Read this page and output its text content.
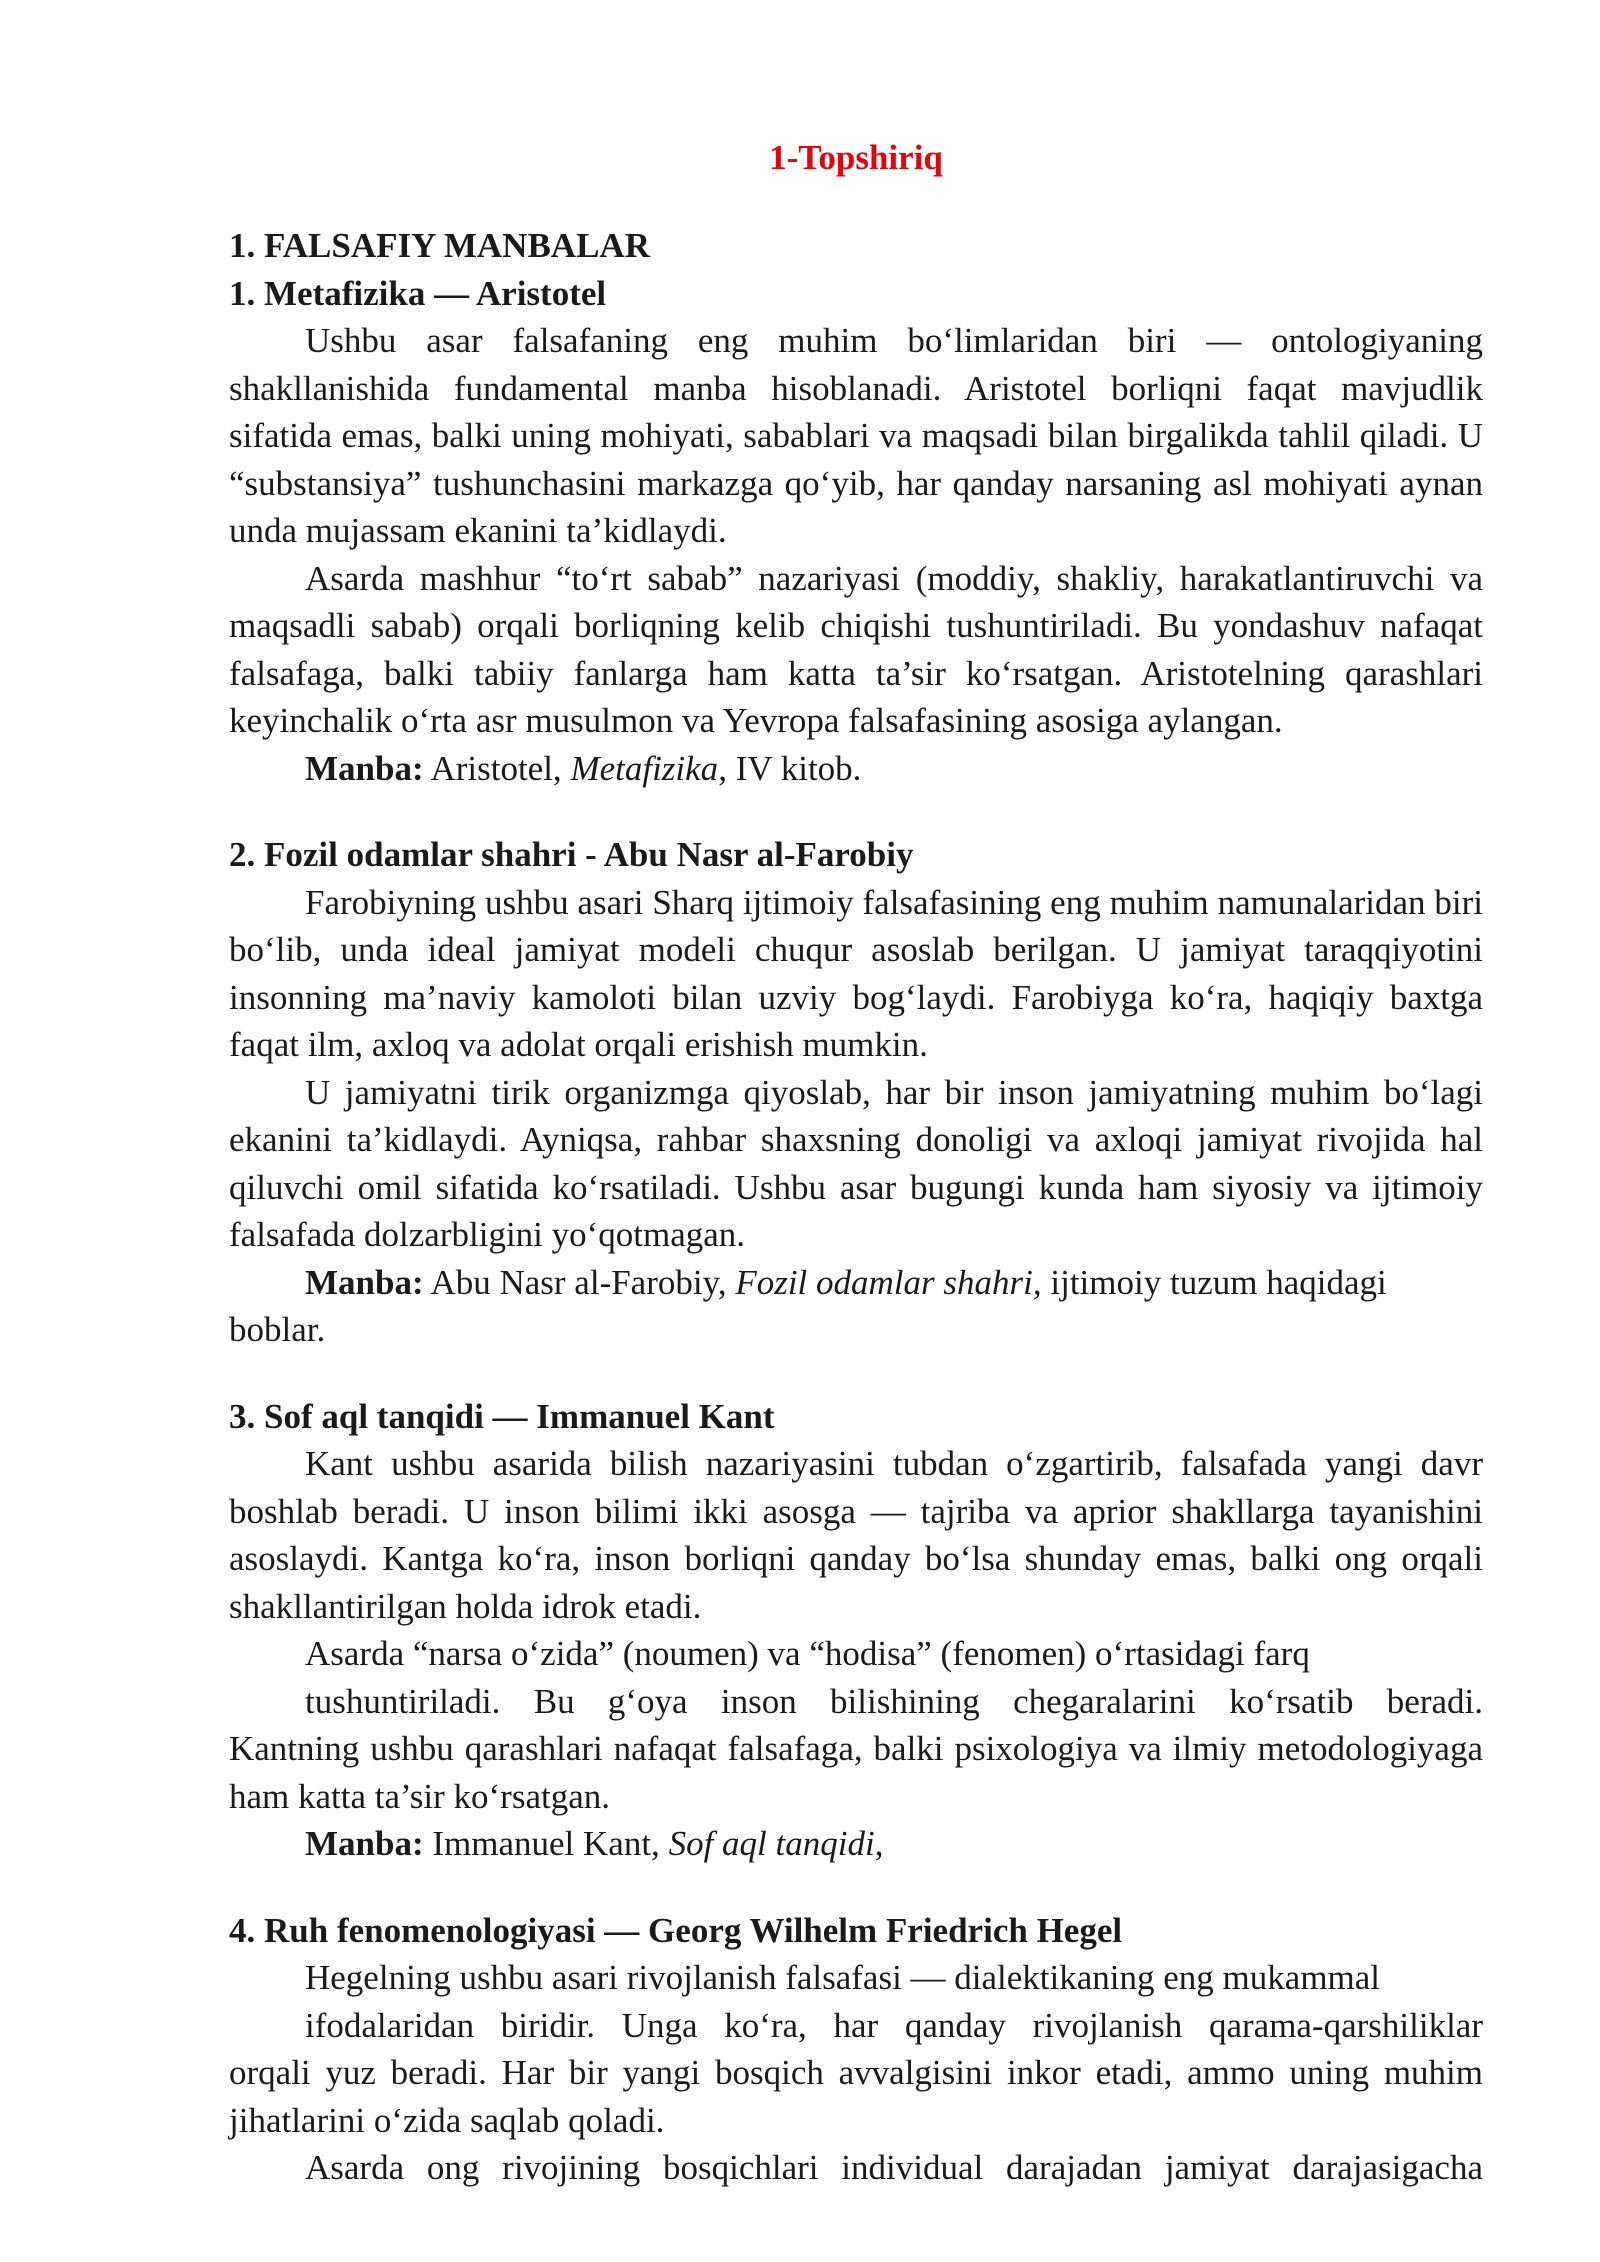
1-Topshiriq

1. FALSAFIY MANBALAR

1. Metafizika — Aristotel

Ushbu asar falsafaning eng muhim bo‘limlaridan biri — ontologiyaning shakllanishida fundamental manba hisoblanadi. Aristotel borliqni faqat mavjudlik sifatida emas, balki uning mohiyati, sabablari va maqsadi bilan birgalikda tahlil qiladi. U “substansiya” tushunchasini markazga qo‘yib, har qanday narsaning asl mohiyati aynan unda mujassam ekanini ta’kidlaydi.

Asarda mashhur “to‘rt sabab” nazariyasi (moddiy, shakliy, harakatlantiruvchi va maqsadli sabab) orqali borliqning kelib chiqishi tushuntiriladi. Bu yondashuv nafaqat falsafaga, balki tabiiy fanlarga ham katta ta’sir ko‘rsatgan. Aristotelning qarashlari keyinchalik o‘rta asr musulmon va Yevropa falsafasining asosiga aylangan.

Manba: Aristotel, Metafizika, IV kitob.

2. Fozil odamlar shahri - Abu Nasr al-Farobiy

Farobiyning ushbu asari Sharq ijtimoiy falsafasining eng muhim namunalaridan biri bo‘lib, unda ideal jamiyat modeli chuqur asoslab berilgan. U jamiyat taraqqiyotini insonning ma’naviy kamoloti bilan uzviy bog‘laydi. Farobiyga ko‘ra, haqiqiy baxtga faqat ilm, axloq va adolat orqali erishish mumkin.

U jamiyatni tirik organizmga qiyoslab, har bir inson jamiyatning muhim bo‘lagi ekanini ta’kidlaydi. Ayniqsa, rahbar shaxsning donoligi va axloqi jamiyat rivojida hal qiluvchi omil sifatida ko‘rsatiladi. Ushbu asar bugungi kunda ham siyosiy va ijtimoiy falsafada dolzarbligini yo‘qotmagan.

Manba: Abu Nasr al-Farobiy, Fozil odamlar shahri, ijtimoiy tuzum haqidagi boblar.

3. Sof aql tanqidi — Immanuel Kant

Kant ushbu asarida bilish nazariyasini tubdan o‘zgartirib, falsafada yangi davr boshlab beradi. U inson bilimi ikki asosga — tajriba va aprior shakllarga tayanishini asoslaydi. Kantga ko‘ra, inson borliqni qanday bo‘lsa shunday emas, balki ong orqali shakllantirilgan holda idrok etadi.

Asarda “narsa o‘zida” (noumen) va “hodisa” (fenomen) o‘rtasidagi farq

tushuntiriladi. Bu g‘oya inson bilishining chegaralarini ko‘rsatib beradi.

Kantning ushbu qarashlari nafaqat falsafaga, balki psixologiya va ilmiy metodologiyaga ham katta ta’sir ko‘rsatgan.

Manba: Immanuel Kant, Sof aql tanqidi,

4. Ruh fenomenologiyasi — Georg Wilhelm Friedrich Hegel

Hegelning ushbu asari rivojlanish falsafasi — dialektikaning eng mukammal

ifodalaridan biridir. Unga ko‘ra, har qanday rivojlanish qarama-qarshiliklar

orqali yuz beradi. Har bir yangi bosqich avvalgisini inkor etadi, ammo uning muhim jihatlarini o‘zida saqlab qoladi.

Asarda ong rivojining bosqichlari individual darajadan jamiyat darajasigacha
